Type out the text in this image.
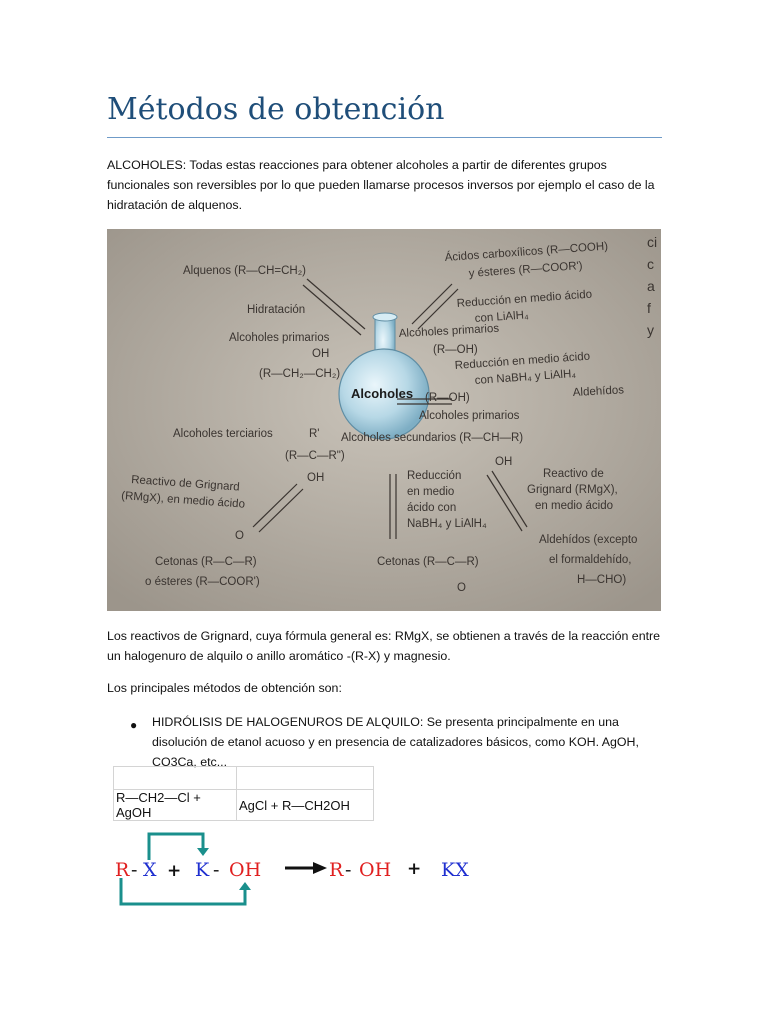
Métodos de obtención

ALCOHOLES: Todas estas reacciones para obtener alcoholes a partir de diferentes grupos funcionales son reversibles por lo que pueden llamarse procesos inversos por ejemplo el caso de la hidratación de alquenos.

ci
c
a
f
y
Alcoholes
Alquenos (R—CH=CH₂)
Hidratación
Alcoholes primarios
OH
(R—CH₂—CH₂)
Ácidos carboxílicos (R—COOH)
y ésteres (R—COOR')
Reducción en medio ácido
con LiAlH₄
Alcoholes primarios
(R—OH)
Reducción en medio ácido
con NaBH₄ y LiAlH₄
(R—OH)	Aldehídos
Alcoholes primarios
Alcoholes terciarios	R'
(R—C—R")
OH
Alcoholes secundarios (R—CH—R)
OH
Reactivo de Grignard
(RMgX), en medio ácido
Reducción
en medio
ácido con
NaBH₄ y LiAlH₄
Reactivo de
Grignard (RMgX),
en medio ácido
O
Cetonas (R—C—R)
o ésteres (R—COOR')
Cetonas (R—C—R)
O
Aldehídos (excepto
el formaldehído,
H—CHO)

Los reactivos de Grignard, cuya fórmula general es: RMgX, se obtienen a través de la reacción entre un halogenuro de alquilo o anillo aromático -(R-X) y magnesio.

Los principales métodos de obtención son:

● HIDRÓLISIS DE HALOGENUROS DE ALQUILO: Se presenta principalmente en una disolución de etanol acuoso y en presencia de catalizadores básicos, como KOH. AgOH, CO3Ca, etc...

R—CH2—Cl + AgOH	AgCl + R—CH2OH
R - X + K - OH	R - OH + KX
